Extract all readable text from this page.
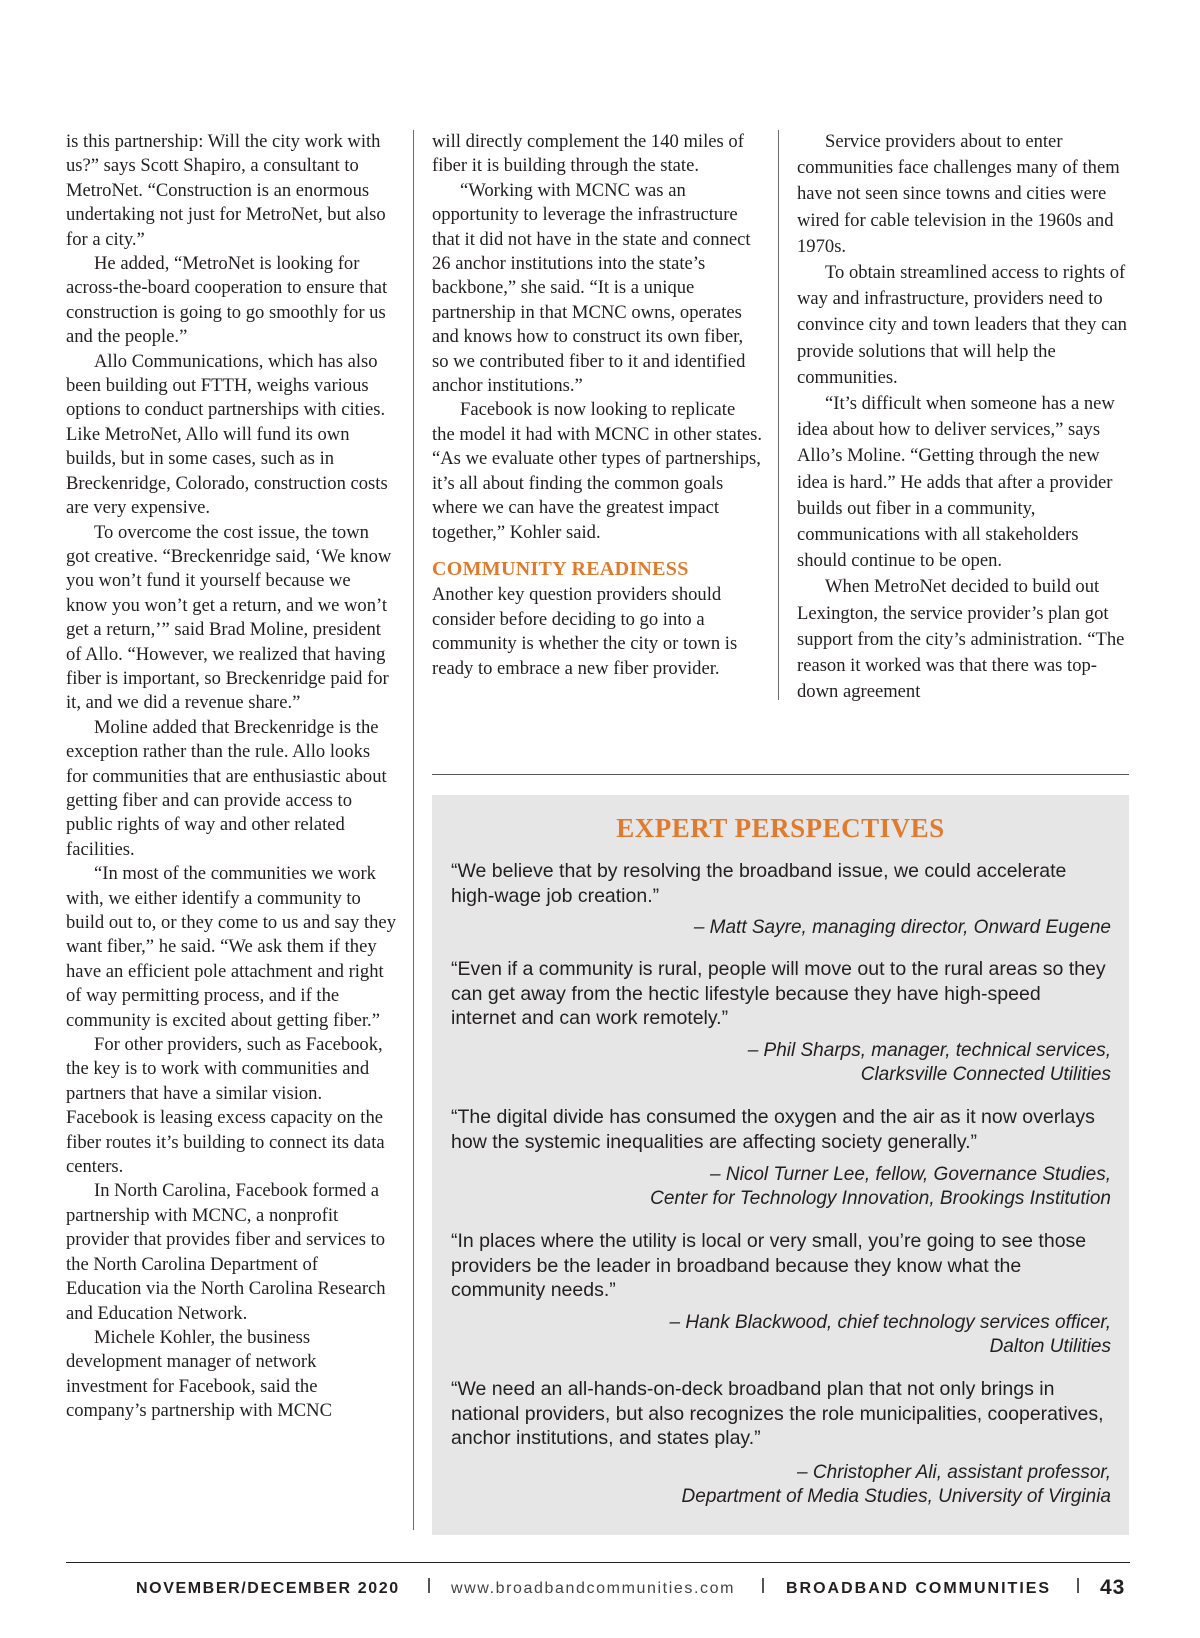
is this partnership: Will the city work with us?” says Scott Shapiro, a consultant to MetroNet. “Construction is an enormous undertaking not just for MetroNet, but also for a city.”

He added, “MetroNet is looking for across-the-board cooperation to ensure that construction is going to go smoothly for us and the people.”

Allo Communications, which has also been building out FTTH, weighs various options to conduct partnerships with cities. Like MetroNet, Allo will fund its own builds, but in some cases, such as in Breckenridge, Colorado, construction costs are very expensive.

To overcome the cost issue, the town got creative. “Breckenridge said, ‘We know you won’t fund it yourself because we know you won’t get a return, and we won’t get a return,’” said Brad Moline, president of Allo. “However, we realized that having fiber is important, so Breckenridge paid for it, and we did a revenue share.”

Moline added that Breckenridge is the exception rather than the rule. Allo looks for communities that are enthusiastic about getting fiber and can provide access to public rights of way and other related facilities.

“In most of the communities we work with, we either identify a community to build out to, or they come to us and say they want fiber,” he said. “We ask them if they have an efficient pole attachment and right of way permitting process, and if the community is excited about getting fiber.”

For other providers, such as Facebook, the key is to work with communities and partners that have a similar vision. Facebook is leasing excess capacity on the fiber routes it’s building to connect its data centers.

In North Carolina, Facebook formed a partnership with MCNC, a nonprofit provider that provides fiber and services to the North Carolina Department of Education via the North Carolina Research and Education Network.

Michele Kohler, the business development manager of network investment for Facebook, said the company’s partnership with MCNC

will directly complement the 140 miles of fiber it is building through the state.

“Working with MCNC was an opportunity to leverage the infrastructure that it did not have in the state and connect 26 anchor institutions into the state’s backbone,” she said. “It is a unique partnership in that MCNC owns, operates and knows how to construct its own fiber, so we contributed fiber to it and identified anchor institutions.”

Facebook is now looking to replicate the model it had with MCNC in other states. “As we evaluate other types of partnerships, it’s all about finding the common goals where we can have the greatest impact together,” Kohler said.

COMMUNITY READINESS

Another key question providers should consider before deciding to go into a community is whether the city or town is ready to embrace a new fiber provider.

Service providers about to enter communities face challenges many of them have not seen since towns and cities were wired for cable television in the 1960s and 1970s.

To obtain streamlined access to rights of way and infrastructure, providers need to convince city and town leaders that they can provide solutions that will help the communities.

“It’s difficult when someone has a new idea about how to deliver services,” says Allo’s Moline. “Getting through the new idea is hard.” He adds that after a provider builds out fiber in a community, communications with all stakeholders should continue to be open.

When MetroNet decided to build out Lexington, the service provider’s plan got support from the city’s administration. “The reason it worked was that there was top-down agreement

EXPERT PERSPECTIVES
“We believe that by resolving the broadband issue, we could accelerate high-wage job creation.”
– Matt Sayre, managing director, Onward Eugene
“Even if a community is rural, people will move out to the rural areas so they can get away from the hectic lifestyle because they have high-speed internet and can work remotely.”
– Phil Sharps, manager, technical services,
Clarksville Connected Utilities
“The digital divide has consumed the oxygen and the air as it now overlays how the systemic inequalities are affecting society generally.”
– Nicol Turner Lee, fellow, Governance Studies,
Center for Technology Innovation, Brookings Institution
“In places where the utility is local or very small, you’re going to see those providers be the leader in broadband because they know what the community needs.”
– Hank Blackwood, chief technology services officer,
Dalton Utilities
“We need an all-hands-on-deck broadband plan that not only brings in national providers, but also recognizes the role municipalities, cooperatives, anchor institutions, and states play.”
– Christopher Ali, assistant professor,
Department of Media Studies, University of Virginia
NOVEMBER/DECEMBER 2020	www.broadbandcommunities.com	BROADBAND COMMUNITIES 43
